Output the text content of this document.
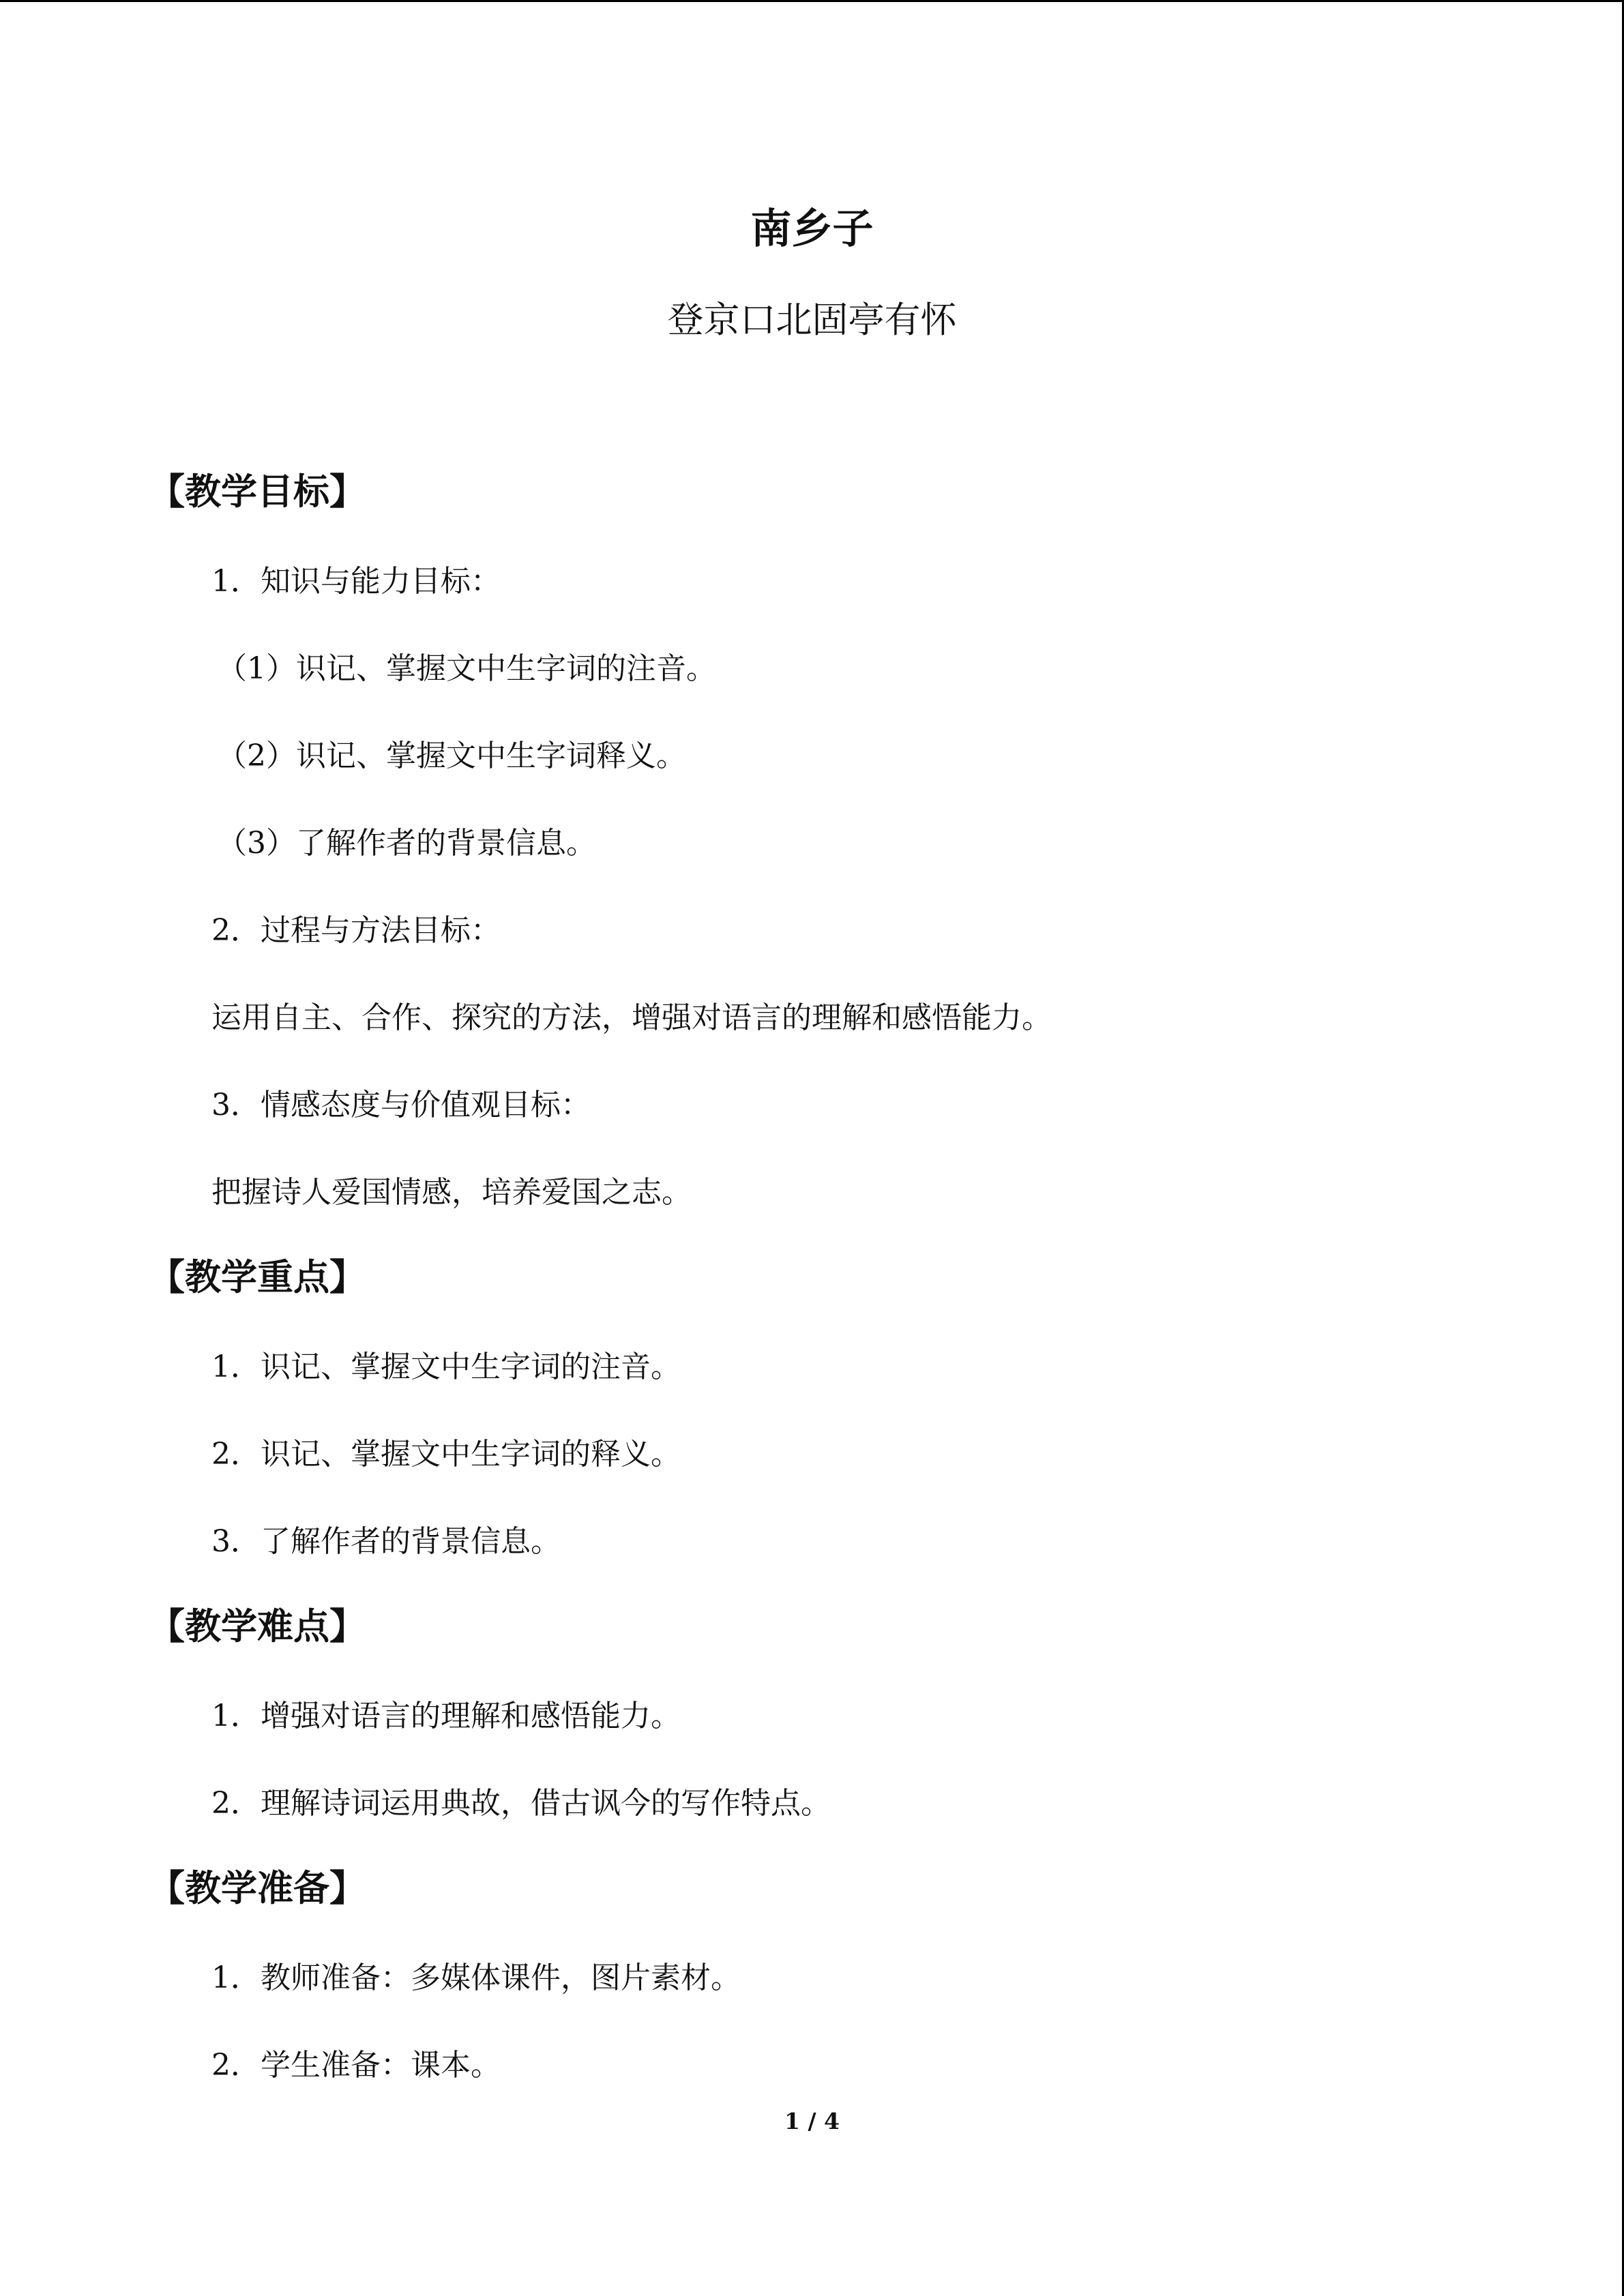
南乡子
登京口北固亭有怀
【教学目标】
1．知识与能力目标：
（1）识记、掌握文中生字词的注音。
（2）识记、掌握文中生字词释义。
（3）了解作者的背景信息。
2．过程与方法目标：
运用自主、合作、探究的方法，增强对语言的理解和感悟能力。
3．情感态度与价值观目标：
把握诗人爱国情感，培养爱国之志。
【教学重点】
1．识记、掌握文中生字词的注音。
2．识记、掌握文中生字词的释义。
3．了解作者的背景信息。
【教学难点】
1．增强对语言的理解和感悟能力。
2．理解诗词运用典故，借古讽今的写作特点。
【教学准备】
1．教师准备：多媒体课件，图片素材。
2．学生准备：课本。
1 / 4
